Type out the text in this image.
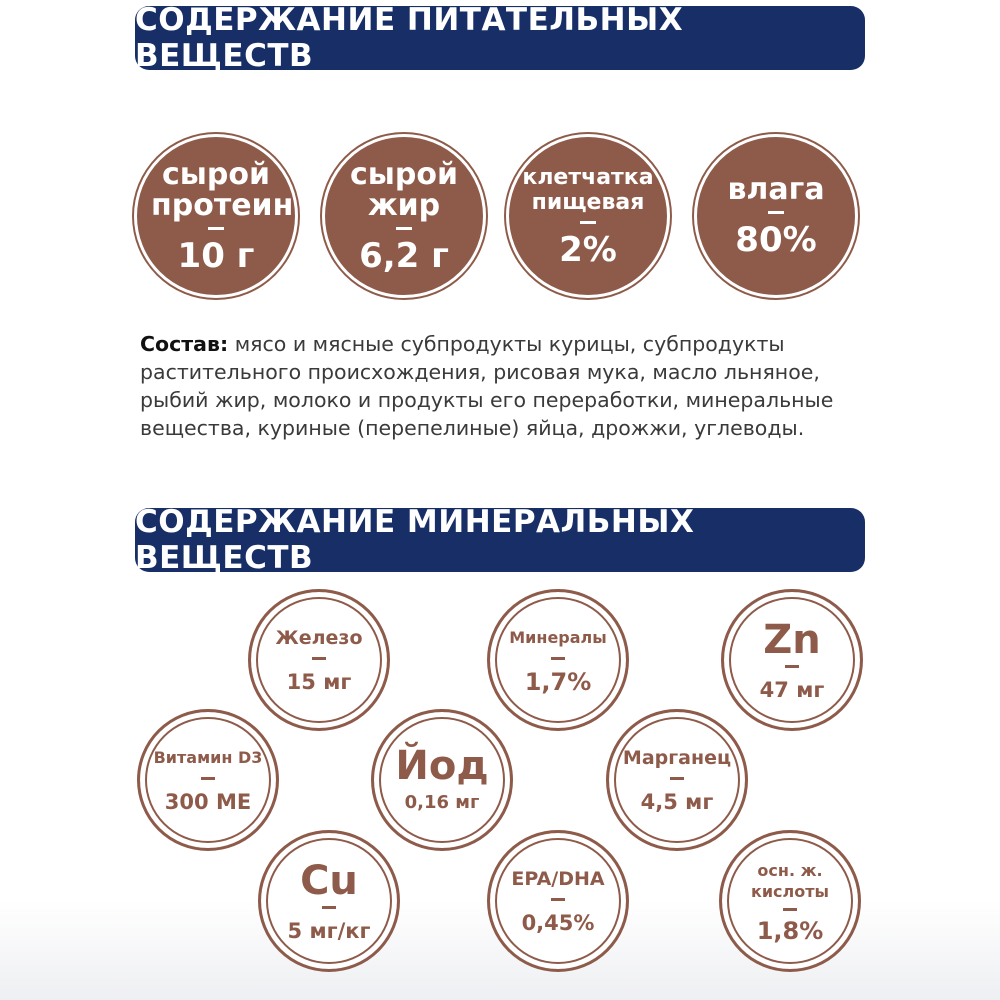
СОДЕРЖАНИЕ ПИТАТЕЛЬНЫХ ВЕЩЕСТВ
сырой протеин
10 г
сырой жир
6,2 г
клетчатка пищевая
2%
влага
80%
Состав: мясо и мясные субпродукты курицы, субпродукты растительного происхождения, рисовая мука, масло льняное, рыбий жир, молоко и продукты его переработки, минеральные вещества, куриные (перепелиные) яйца, дрожжи, углеводы.
СОДЕРЖАНИЕ МИНЕРАЛЬНЫХ ВЕЩЕСТВ
Железо
15 мг
Минералы
1,7%
Zn
47 мг
Витамин D3
300 МЕ
Йод
0,16 мг
Марганец
4,5 мг
Cu
5 мг/кг
EPA/DHA
0,45%
осн. ж. кислоты
1,8%
